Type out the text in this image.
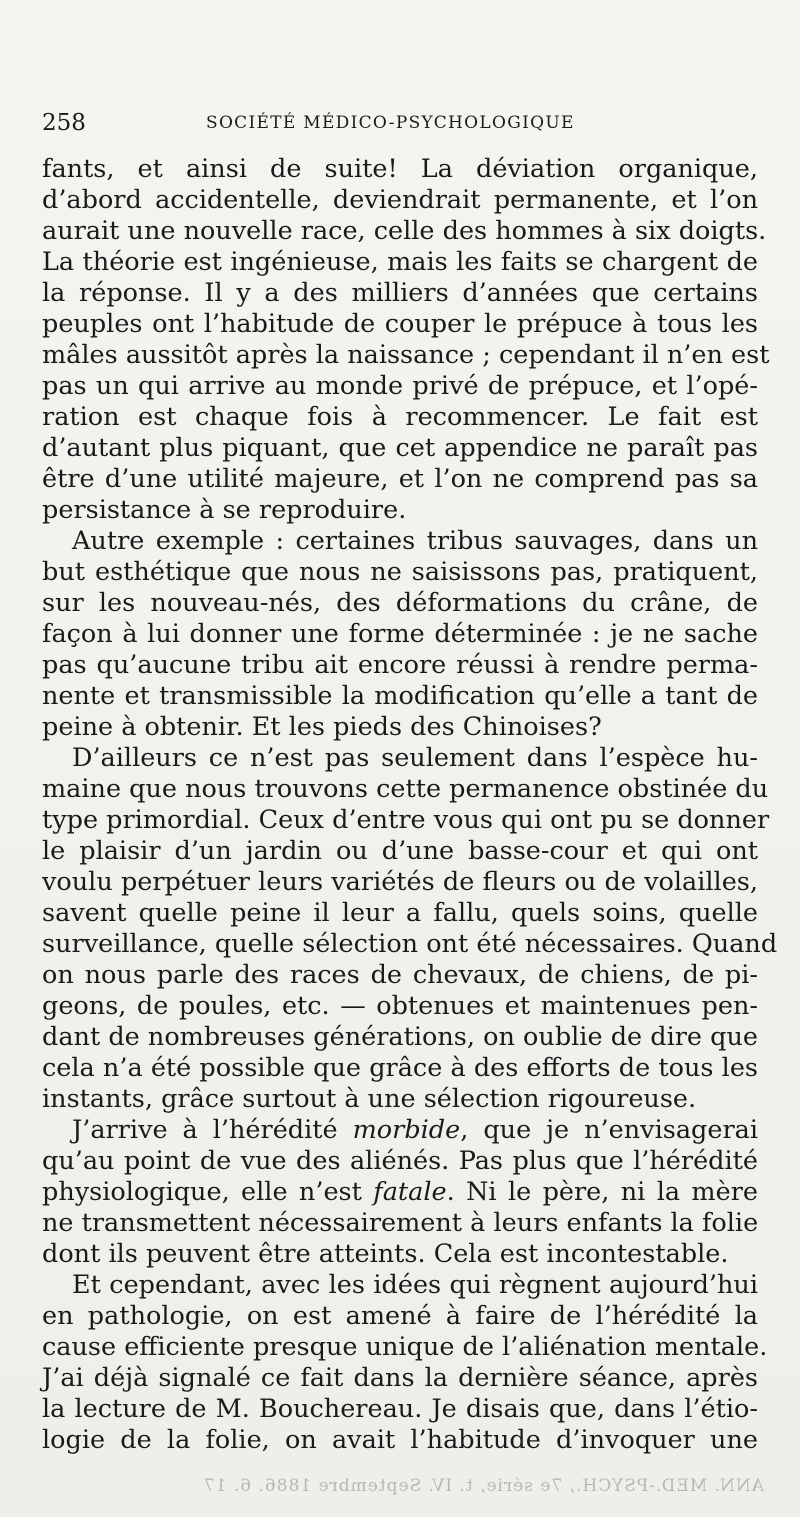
258	SOCIÉTÉ MÉDICO-PSYCHOLOGIQUE

fants, et ainsi de suite! La déviation organique,
d’abord accidentelle, deviendrait permanente, et l’on
aurait une nouvelle race, celle des hommes à six doigts.
La théorie est ingénieuse, mais les faits se chargent de
la réponse. Il y a des milliers d’années que certains
peuples ont l’habitude de couper le prépuce à tous les
mâles aussitôt après la naissance ; cependant il n’en est
pas un qui arrive au monde privé de prépuce, et l’opé-
ration est chaque fois à recommencer. Le fait est
d’autant plus piquant, que cet appendice ne paraît pas
être d’une utilité majeure, et l’on ne comprend pas sa
persistance à se reproduire.

Autre exemple : certaines tribus sauvages, dans un
but esthétique que nous ne saisissons pas, pratiquent,
sur les nouveau-nés, des déformations du crâne, de
façon à lui donner une forme déterminée : je ne sache
pas qu’aucune tribu ait encore réussi à rendre perma-
nente et transmissible la modification qu’elle a tant de
peine à obtenir. Et les pieds des Chinoises?

D’ailleurs ce n’est pas seulement dans l’espèce hu-
maine que nous trouvons cette permanence obstinée du
type primordial. Ceux d’entre vous qui ont pu se donner
le plaisir d’un jardin ou d’une basse-cour et qui ont
voulu perpétuer leurs variétés de fleurs ou de volailles,
savent quelle peine il leur a fallu, quels soins, quelle
surveillance, quelle sélection ont été nécessaires. Quand
on nous parle des races de chevaux, de chiens, de pi-
geons, de poules, etc. — obtenues et maintenues pen-
dant de nombreuses générations, on oublie de dire que
cela n’a été possible que grâce à des efforts de tous les
instants, grâce surtout à une sélection rigoureuse.

J’arrive à l’hérédité morbide, que je n’envisagerai
qu’au point de vue des aliénés. Pas plus que l’hérédité
physiologique, elle n’est fatale. Ni le père, ni la mère
ne transmettent nécessairement à leurs enfants la folie
dont ils peuvent être atteints. Cela est incontestable.

Et cependant, avec les idées qui règnent aujourd’hui
en pathologie, on est amené à faire de l’hérédité la
cause efficiente presque unique de l’aliénation mentale.
J’ai déjà signalé ce fait dans la dernière séance, après
la lecture de M. Bouchereau. Je disais que, dans l’étio-
logie de la folie, on avait l’habitude d’invoquer une

ANN. MED.-PSYCH., 7e série, t. IV. Septembre 1886. 6. 17
